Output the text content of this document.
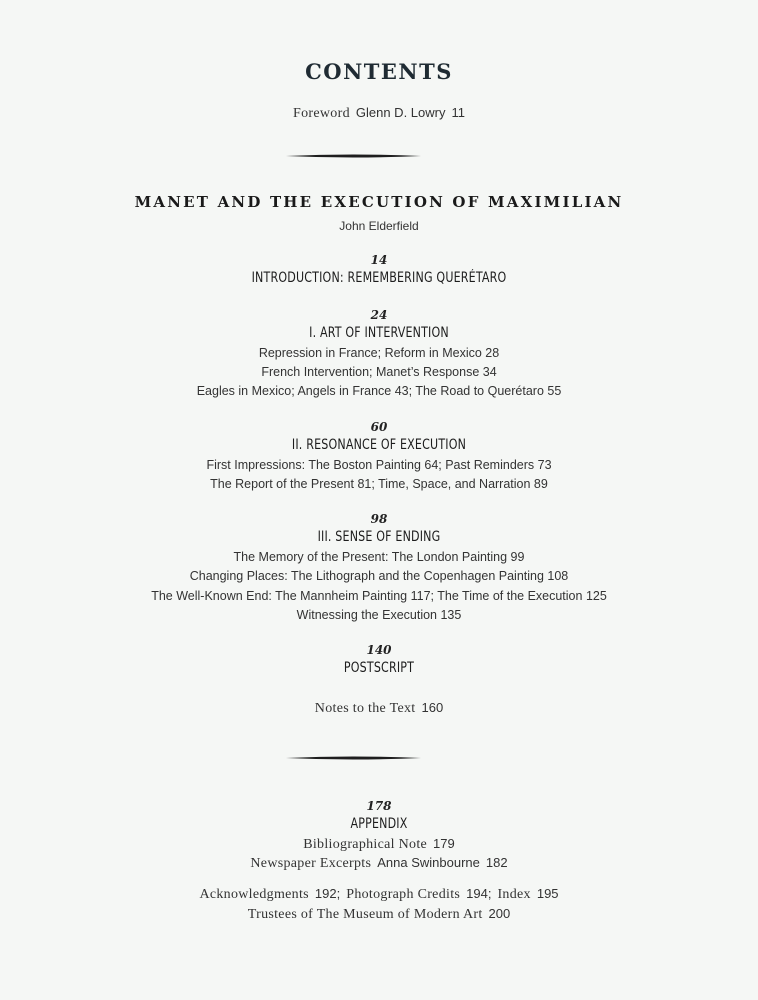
CONTENTS
Foreword Glenn D. Lowry 11
MANET AND THE EXECUTION OF MAXIMILIAN
John Elderfield
14
INTRODUCTION: REMEMBERING QUERÉTARO
24
I. ART OF INTERVENTION
Repression in France; Reform in Mexico 28
French Intervention; Manet’s Response 34
Eagles in Mexico; Angels in France 43; The Road to Querétaro 55
60
II. RESONANCE OF EXECUTION
First Impressions: The Boston Painting 64; Past Reminders 73
The Report of the Present 81; Time, Space, and Narration 89
98
III. SENSE OF ENDING
The Memory of the Present: The London Painting 99
Changing Places: The Lithograph and the Copenhagen Painting 108
The Well-Known End: The Mannheim Painting 117; The Time of the Execution 125
Witnessing the Execution 135
140
POSTSCRIPT
Notes to the Text 160
178
APPENDIX
Bibliographical Note 179
Newspaper Excerpts Anna Swinbourne 182
Acknowledgments 192; Photograph Credits 194; Index 195
Trustees of The Museum of Modern Art 200
